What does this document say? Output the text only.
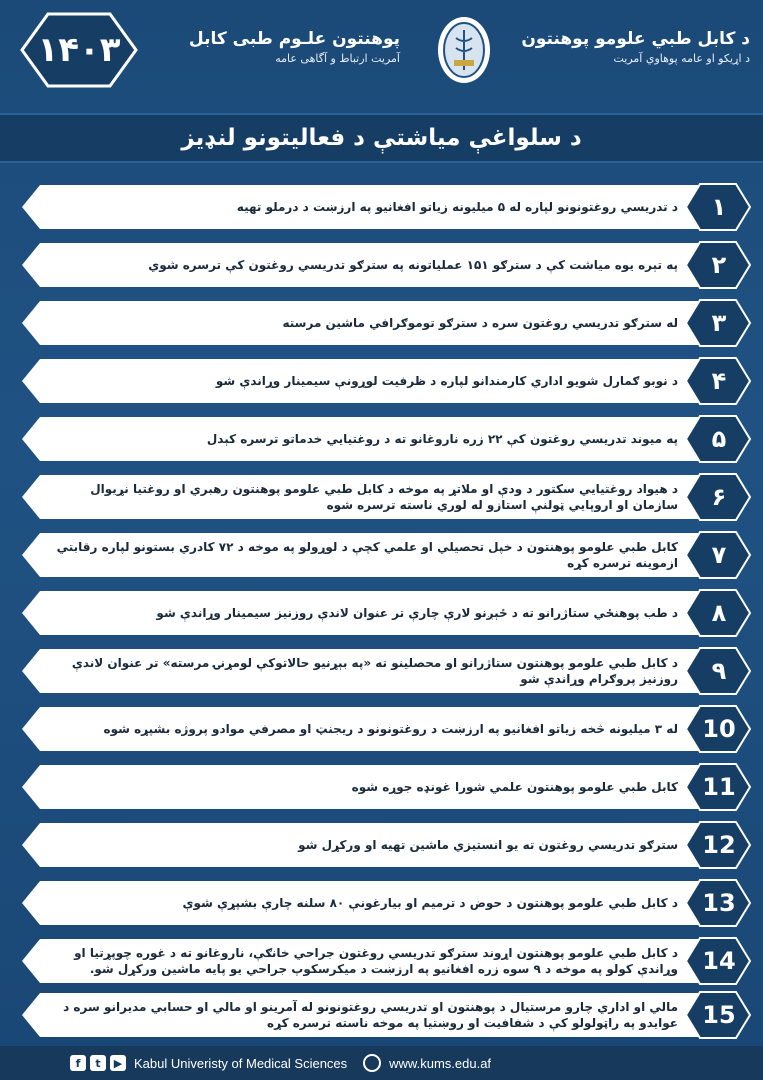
۱۴۰۳	پوهنتون علـوم طبی کابل
آمریت ارتباط و آگاهی عامه
د کابل طبي علومو پوهنتون
د اړیکو او عامه پوهاوي آمریت
د سلواغې میاشتې د فعالیتونو لنډیز
د تدریسي روغتونونو لپاره له ۵ میلیونه زیاتو افغانیو په ارزښت د درملو تهیه	۱
په تېره یوه میاشت کې د سترګو ۱۵۱ عملیاتونه په سترګو تدریسي روغتون کې ترسره شوي	۲
له سترګو تدریسي روغتون سره د سترګو توموګرافي ماشین مرسته	۳
د نوبو ګمارل شویو اداري کارمندانو لپاره د ظرفیت لوړونې سیمینار وړاندې شو	۴
په میوند تدریسي روغتون کې ۲۲ زره ناروغانو ته د روغتیایي خدماتو ترسره کېدل	۵
د هیواد روغتیایي سکتور د ودې او ملاتړ په موخه د کابل طبي علومو پوهنتون رهبري او روغتیا نړیوال سازمان او اروپایي ټولنې استازو له لوري ناسته ترسره شوه	۶
کابل طبي علومو پوهنتون د خپل تحصیلي او علمي کچې د لوړولو په موخه د ۷۲ کادري بستونو لپاره رقابتي ازموینه ترسره کړه	۷
د طب پوهنځي ستاژرانو ته د ځېږنو لارې چارې تر عنوان لاندې روزنیز سیمینار وړاندې شو	۸
د کابل طبي علومو پوهنتون ستاژرانو او محصلینو ته «په بېړنیو حالاتوکې لومړنۍ مرسته» تر عنوان لاندې روزنیز پروګرام وړاندې شو	۹
له ۳ میلیونه څخه زیاتو افغانیو په ارزښت د روغتونونو د ریجنټ او مصرفي موادو پروژه بشپړه شوه	10
کابل طبي علومو پوهنتون علمي شورا غونډه جوړه شوه	11
سترګو تدریسي روغتون ته یو انستیزي ماشین تهیه او ورکړل شو	12
د کابل طبي علومو پوهنتون د حوض د ترمیم او بیارغونې ۸۰ سلنه چارې بشپړې شوې	13
د کابل طبي علومو پوهنتون اړوند سترګو تدریسي روغتون جراحي خانګې، ناروغانو ته د غوره چوپړتیا او وړاندې کولو په موخه د ۹ سوه زره افغانیو په ارزښت د میکرسکوپ جراحي یو پایه ماشین ورکړل شو.	14
مالي او اداري چارو مرستیال د پوهنتون او تدریسي روغتونونو له آمرینو او مالي او حسابي مدیرانو سره د عوایدو په راټولولو کې د شفافیت او روښتیا په موخه ناسته ترسره کړه	15
f	t	▶ Kabul Univeristy of Medical Sciences	www.kums.edu.af
